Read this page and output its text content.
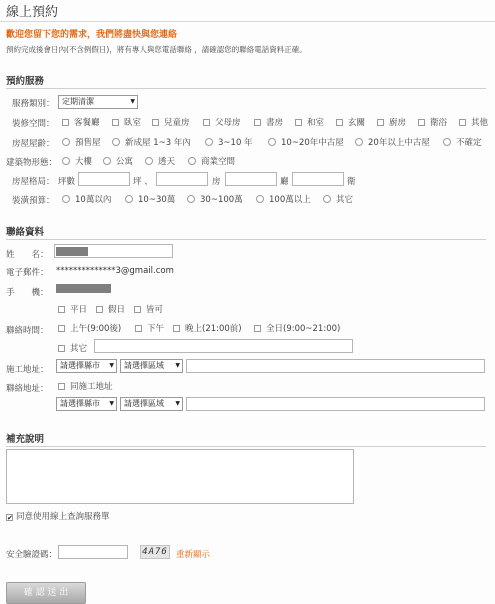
線上預約
歡迎您留下您的需求，我們將盡快與您連絡
預約完成後會日內(不含例假日)，將有專人與您電話聯絡 ，請確認您的聯絡電話資料正確。
預約服務
服務類別： 定期清潔	▼
裝修空間：	客餐廳	臥室	兒童房	父母房	書房	和室	玄關	廚房	衛浴	其他
房屋屋齡：	預售屋	新成屋 1~3 年內	3~10 年	10~20年中古屋	20年以上中古屋	不確定
建築物形態：	大樓	公寓	透天	商業空間
房屋格局： 坪數	坪 、	房	廳	衛
裝潢預算：	10萬以內	10~30萬	30~100萬	100萬以上	其它
聯絡資料
姓　　名：
電子郵件： **************3@gmail.com
手　　機：
平日	假日	皆可
聯絡時間：	上午(9:00後)	下午	晚上(21:00前)	全日(9:00~21:00)
其它
施工地址：	請選擇縣市 ▼	請選擇區域 ▼
聯絡地址：	同施工地址
請選擇縣市 ▼	請選擇區域 ▼
補充說明
✔同意使用線上查詢服務單
安全驗證碼：	4A76 重新顯示
確 認 送 出
